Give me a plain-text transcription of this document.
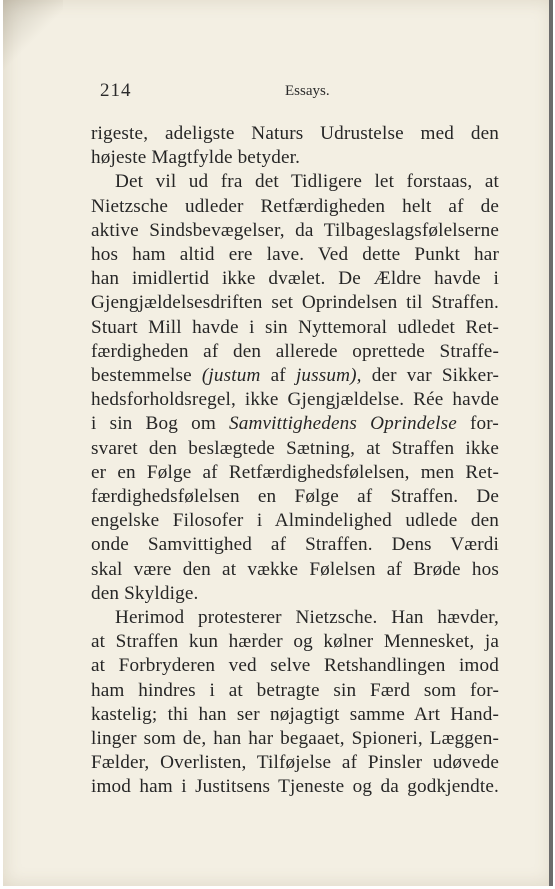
214	Essays.
rigeste, adeligste Naturs Udrustelse med den
højeste Magtfylde betyder.
Det vil ud fra det Tidligere let forstaas, at
Nietzsche udleder Retfærdigheden helt af de
aktive Sindsbevægelser, da Tilbageslagsfølelserne
hos ham altid ere lave. Ved dette Punkt har
han imidlertid ikke dvælet. De Ældre havde i
Gjengjældelsesdriften set Oprindelsen til Straffen.
Stuart Mill havde i sin Nyttemoral udledet Ret-
færdigheden af den allerede oprettede Straffe-
bestemmelse (justum af jussum), der var Sikker-
hedsforholdsregel, ikke Gjengjældelse. Rée havde
i sin Bog om Samvittighedens Oprindelse for-
svaret den beslægtede Sætning, at Straffen ikke
er en Følge af Retfærdighedsfølelsen, men Ret-
færdighedsfølelsen en Følge af Straffen. De
engelske Filosofer i Almindelighed udlede den
onde Samvittighed af Straffen. Dens Værdi
skal være den at vække Følelsen af Brøde hos
den Skyldige.
Herimod protesterer Nietzsche. Han hævder,
at Straffen kun hærder og kølner Mennesket, ja
at Forbryderen ved selve Retshandlingen imod
ham hindres i at betragte sin Færd som for-
kastelig; thi han ser nøjagtigt samme Art Hand-
linger som de, han har begaaet, Spioneri, Læggen-
Fælder, Overlisten, Tilføjelse af Pinsler udøvede
imod ham i Justitsens Tjeneste og da godkjendte.
